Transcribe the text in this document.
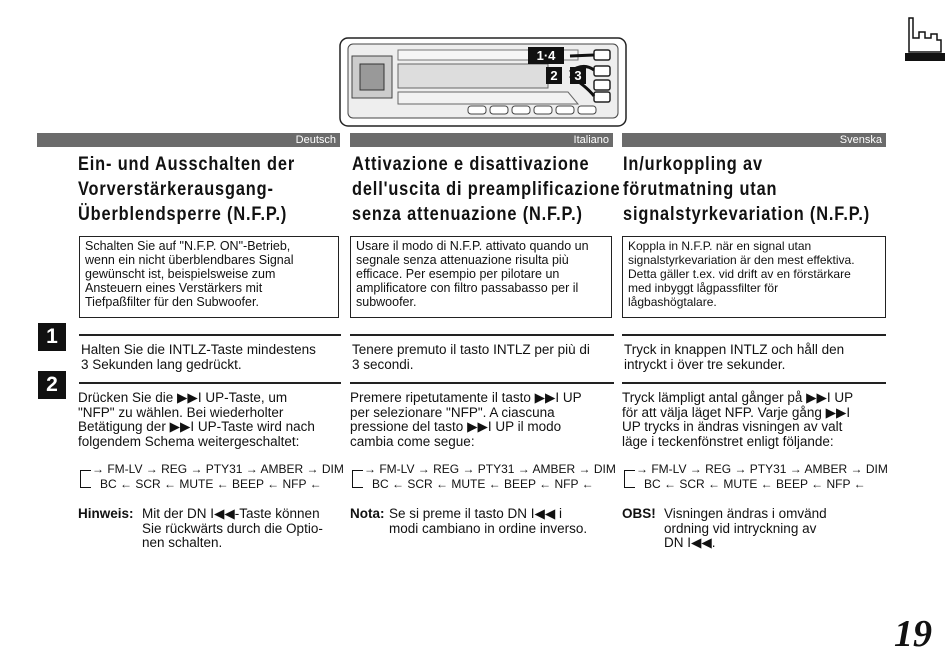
1·4
2 3
Deutsch	Italiano	Svenska
Ein- und Ausschalten der
Vorverstärkerausgang-
Überblendsperre (N.F.P.)
Attivazione e disattivazione
dell'uscita di preamplificazione
senza attenuazione (N.F.P.)
In/urkoppling av
förutmatning utan
signalstyrkevariation (N.F.P.)
Schalten Sie auf "N.F.P. ON"-Betrieb,
wenn ein nicht überblendbares Signal
gewünscht ist, beispielsweise zum
Ansteuern eines Verstärkers mit
Tiefpaßfilter für den Subwoofer.
Usare il modo di N.F.P. attivato quando un
segnale senza attenuazione risulta più
efficace. Per esempio per pilotare un
amplificatore con filtro passabasso per il
subwoofer.
Koppla in N.F.P. när en signal utan
signalstyrkevariation är den mest effektiva.
Detta gäller t.ex. vid drift av en förstärkare
med inbyggt lågpassfilter för
lågbashögtalare.
1
2
Halten Sie die INTLZ-Taste mindestens
3 Sekunden lang gedrückt.
Tenere premuto il tasto INTLZ per più di
3 secondi.
Tryck in knappen INTLZ och håll den
intryckt i över tre sekunder.
Drücken Sie die ▶▶I UP-Taste, um
"NFP" zu wählen. Bei wiederholter
Betätigung der ▶▶I UP-Taste wird nach
folgendem Schema weitergeschaltet:
Premere ripetutamente il tasto ▶▶I UP
per selezionare "NFP". A ciascuna
pressione del tasto ▶▶I UP il modo
cambia come segue:
Tryck lämpligt antal gånger på ▶▶I UP
för att välja läget NFP. Varje gång ▶▶I
UP trycks in ändras visningen av valt
läge i teckenfönstret enligt följande:
→ FM-LV → REG → PTY31 → AMBER → DIM
BC ← SCR ← MUTE ← BEEP ← NFP ←
→ FM-LV → REG → PTY31 → AMBER → DIM
BC ← SCR ← MUTE ← BEEP ← NFP ←
→ FM-LV → REG → PTY31 → AMBER → DIM
BC ← SCR ← MUTE ← BEEP ← NFP ←
Hinweis: Mit der DN I◀◀-Taste können
Sie rückwärts durch die Optio-
nen schalten.
Nota: Se si preme il tasto DN I◀◀ i
modi cambiano in ordine inverso.
OBS! Visningen ändras i omvänd
ordning vid intryckning av
DN I◀◀.
19
